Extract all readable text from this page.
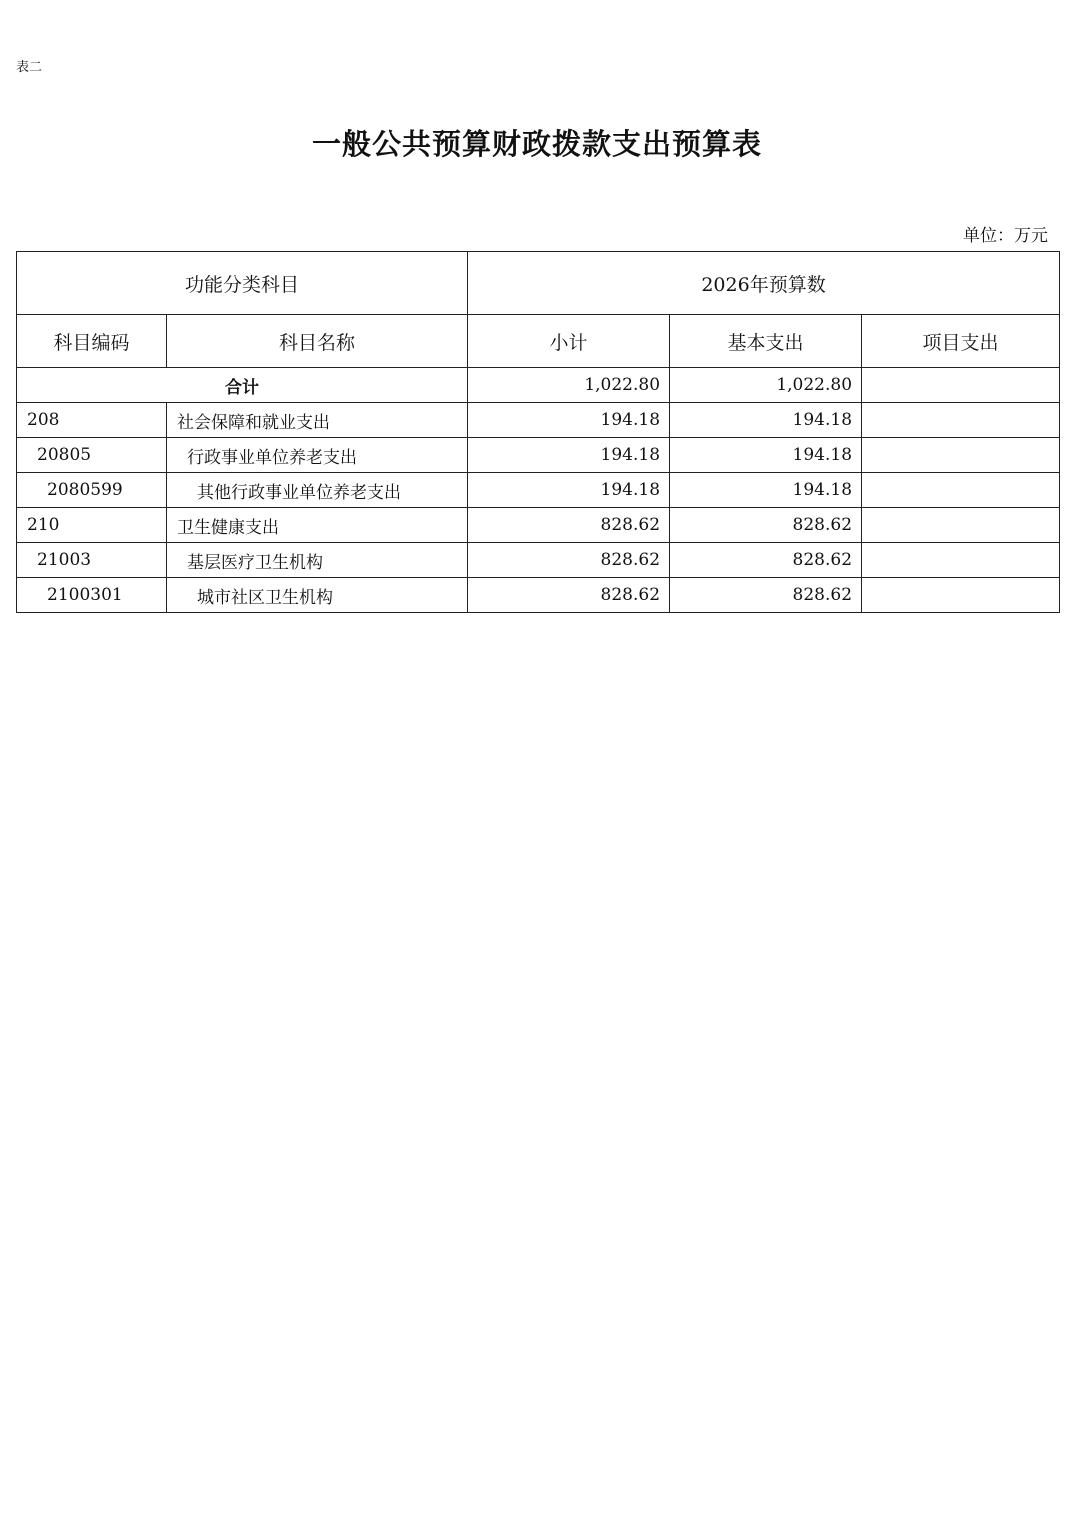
表二
一般公共预算财政拨款支出预算表
单位：万元
功能分类科目		2026年预算数		
科目编码	科目名称	小计	基本支出	项目支出
合计		1,022.80	1,022.80	
208	社会保障和就业支出	194.18	194.18	
20805	行政事业单位养老支出	194.18	194.18	
2080599	其他行政事业单位养老支出	194.18	194.18	
210	卫生健康支出	828.62	828.62	
21003	基层医疗卫生机构	828.62	828.62	
2100301	城市社区卫生机构	828.62	828.62	
